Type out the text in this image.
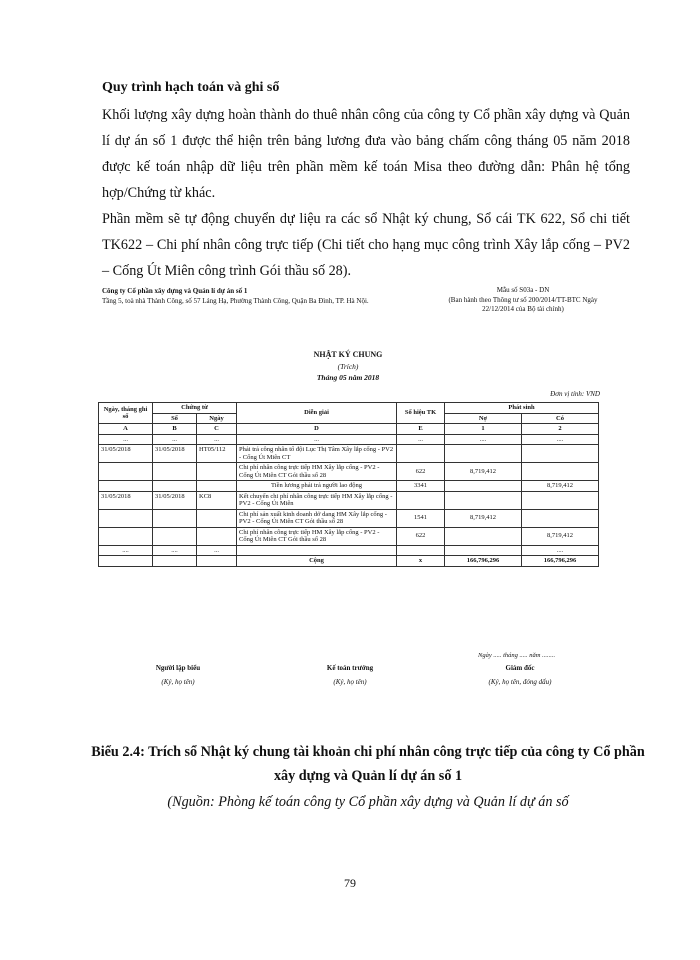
Quy trình hạch toán và ghi sổ
Khối lượng xây dựng hoàn thành do thuê nhân công của công ty Cổ phần xây dựng và Quản lí dự án số 1 được thể hiện trên bảng lương đưa vào bảng chấm công tháng 05 năm 2018 được kế toán nhập dữ liệu trên phần mềm kế toán Misa theo đường dẫn: Phân hệ tổng hợp/Chứng từ khác.
Phần mềm sẽ tự động chuyển dự liệu ra các sổ Nhật ký chung, Sổ cái TK 622, Sổ chi tiết TK622 – Chi phí nhân công trực tiếp (Chi tiết cho hạng mục công trình Xây lắp cống – PV2 – Cống Út Miên công trình Gói thầu số 28).
Công ty Cổ phần xây dựng và Quản lí dự án số 1
Tầng 5, toà nhà Thành Công, số 57 Láng Hạ, Phường Thành Công, Quận Ba Đình, TP. Hà Nội.
Mẫu số S03a - DN
(Ban hành theo Thông tư số 200/2014/TT-BTC Ngày 22/12/2014 của Bộ tài chính)
NHẬT KÝ CHUNG
(Trích)
Tháng 05 năm 2018
Đơn vị tính: VND
Ngày, tháng ghi sổ	Chứng từ		Diễn giải	Số hiệu TK	Phát sinh	
	Số	Ngày			Nợ	Có
A	B	C	D	E	1	2
...	...	...	...	...	....	....
31/05/2018	31/05/2018	HT05/112	Phải trả công nhân tổ đội Lục Thị Tâm Xây lắp cống - PV2 - Cống Út Miên CT			
			Chi phí nhân công trực tiếp HM Xây lắp cống - PV2 - Cống Út Miên CT Gói thầu số 28	622	8,719,412	
			Tiền lương phải trả người lao động	3341		8,719,412
31/05/2018	31/05/2018	KC8	Kết chuyển chi phí nhân công trực tiếp HM Xây lắp cống - PV2 - Cống Út Miên			
			Chi phí sản xuất kinh doanh dở dang HM Xây lắp cống - PV2 - Cống Út Miên CT Gói thầu số 28	1541	8,719,412	
			Chi phí nhân công trực tiếp HM Xây lắp cống - PV2 - Cống Út Miên CT Gói thầu số 28	622		8,719,412
....	....	...				....
			Cộng	x	166,796,296	166,796,296
Ngày ..... tháng ..... năm ........
Người lập biểu
(Ký, họ tên)
Kế toán trưởng
(Ký, họ tên)
Giám đốc
(Ký, họ tên, đóng dấu)
Biểu 2.4: Trích sổ Nhật ký chung tài khoản chi phí nhân công trực tiếp của công ty Cổ phần xây dựng và Quản lí dự án số 1
(Nguồn: Phòng kế toán công ty Cổ phần xây dựng và Quản lí dự án số
79
